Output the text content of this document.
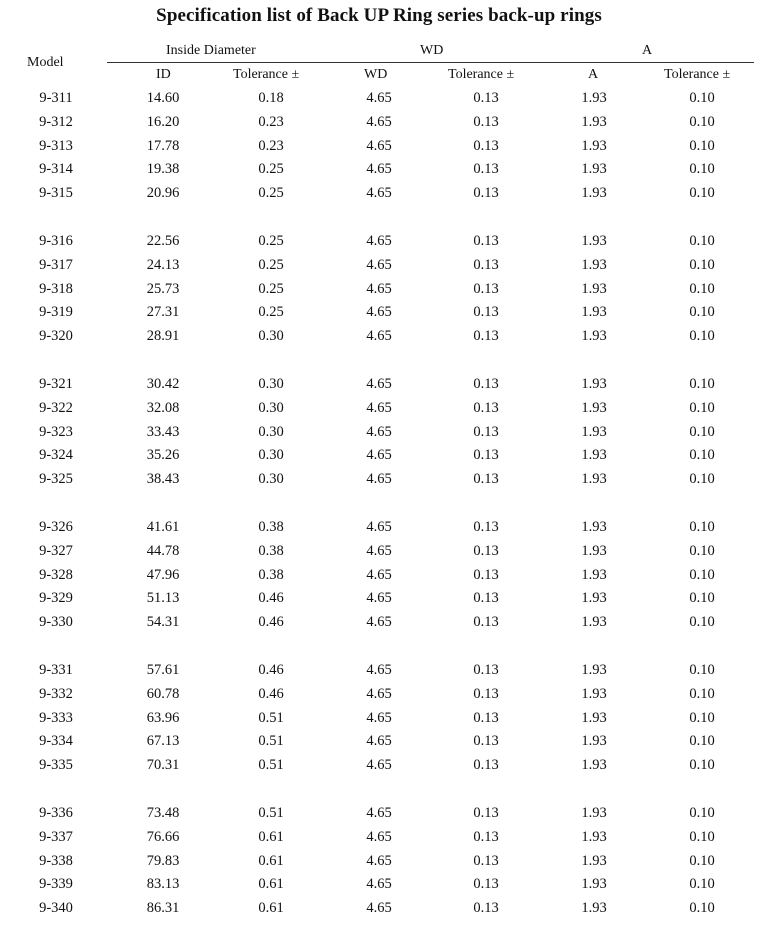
Specification list of Back UP Ring series back-up rings
Model
Inside Diameter	WD	A
ID	Tolerance ±	WD	Tolerance ±	A	Tolerance ±
9-311	14.60	0.18	4.65	0.13	1.93	0.10
9-312	16.20	0.23	4.65	0.13	1.93	0.10
9-313	17.78	0.23	4.65	0.13	1.93	0.10
9-314	19.38	0.25	4.65	0.13	1.93	0.10
9-315	20.96	0.25	4.65	0.13	1.93	0.10
9-316	22.56	0.25	4.65	0.13	1.93	0.10
9-317	24.13	0.25	4.65	0.13	1.93	0.10
9-318	25.73	0.25	4.65	0.13	1.93	0.10
9-319	27.31	0.25	4.65	0.13	1.93	0.10
9-320	28.91	0.30	4.65	0.13	1.93	0.10
9-321	30.42	0.30	4.65	0.13	1.93	0.10
9-322	32.08	0.30	4.65	0.13	1.93	0.10
9-323	33.43	0.30	4.65	0.13	1.93	0.10
9-324	35.26	0.30	4.65	0.13	1.93	0.10
9-325	38.43	0.30	4.65	0.13	1.93	0.10
9-326	41.61	0.38	4.65	0.13	1.93	0.10
9-327	44.78	0.38	4.65	0.13	1.93	0.10
9-328	47.96	0.38	4.65	0.13	1.93	0.10
9-329	51.13	0.46	4.65	0.13	1.93	0.10
9-330	54.31	0.46	4.65	0.13	1.93	0.10
9-331	57.61	0.46	4.65	0.13	1.93	0.10
9-332	60.78	0.46	4.65	0.13	1.93	0.10
9-333	63.96	0.51	4.65	0.13	1.93	0.10
9-334	67.13	0.51	4.65	0.13	1.93	0.10
9-335	70.31	0.51	4.65	0.13	1.93	0.10
9-336	73.48	0.51	4.65	0.13	1.93	0.10
9-337	76.66	0.61	4.65	0.13	1.93	0.10
9-338	79.83	0.61	4.65	0.13	1.93	0.10
9-339	83.13	0.61	4.65	0.13	1.93	0.10
9-340	86.31	0.61	4.65	0.13	1.93	0.10
